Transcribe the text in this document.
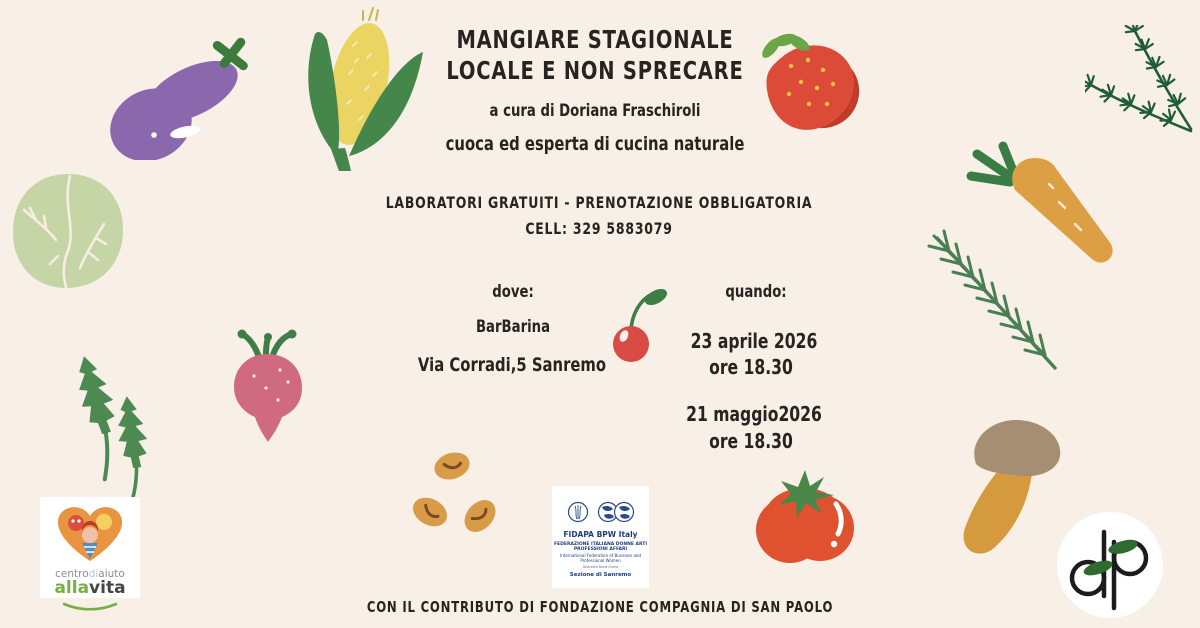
MANGIARE STAGIONALE
LOCALE E NON SPRECARE
a cura di Doriana Fraschiroli
cuoca ed esperta di cucina naturale
LABORATORI GRATUITI - PRENOTAZIONE OBBLIGATORIA
CELL: 329 5883079
dove:
BarBarina
Via Corradi,5 Sanremo
quando:
23 aprile 2026
ore 18.30
21 maggio2026
ore 18.30
CON IL CONTRIBUTO DI FONDAZIONE COMPAGNIA DI SAN PAOLO
centrodiaiuto
allavita
FIDAPA BPW Italy
FEDERAZIONE ITALIANA DONNE ARTI PROFESSIONI AFFARI
International Federation of Business and Professional Women
Distretto Nord Ovest
Sezione di Sanremo
